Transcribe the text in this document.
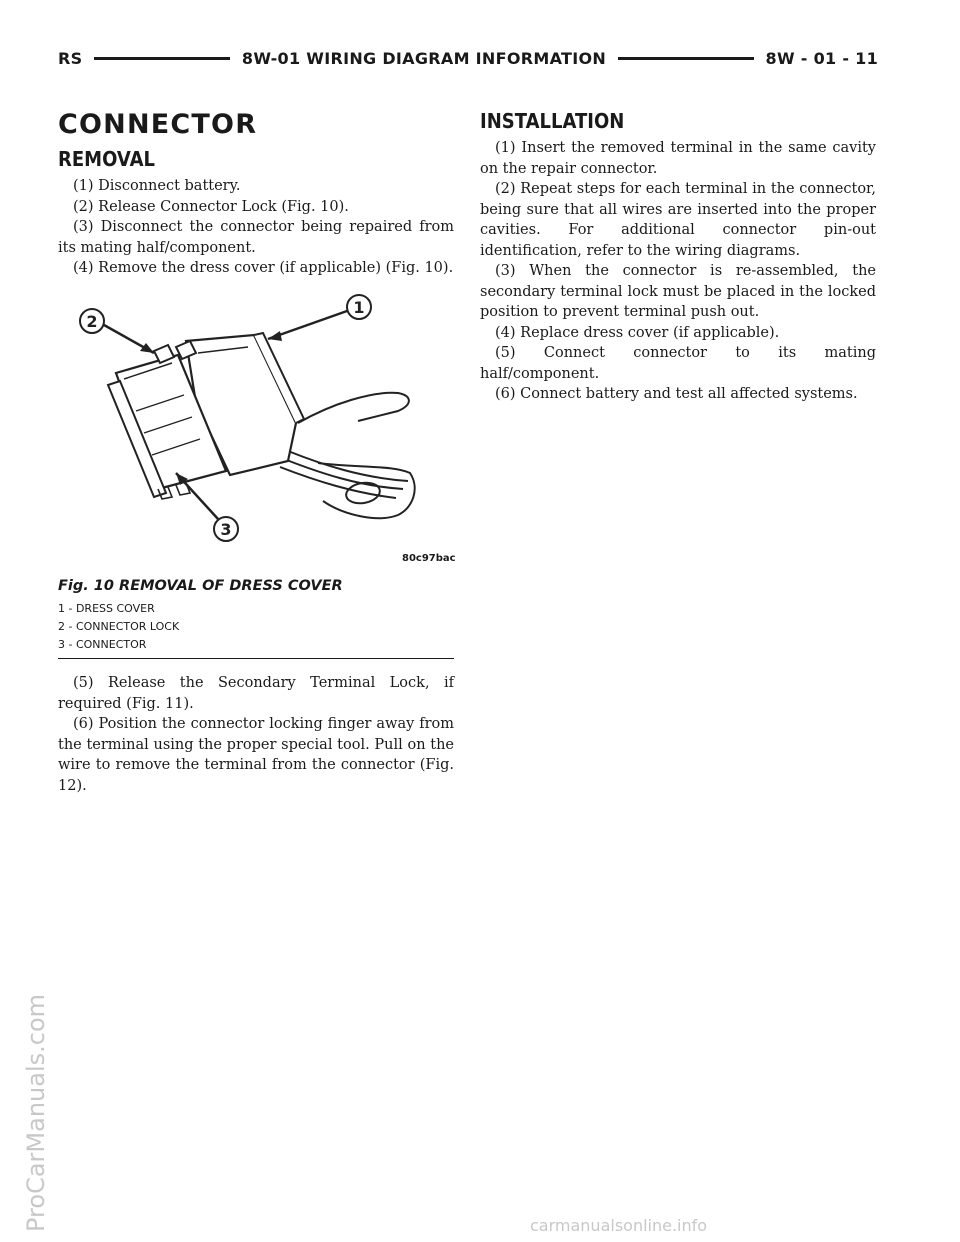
RS	8W-01 WIRING DIAGRAM INFORMATION	8W - 01 - 11
CONNECTOR
REMOVAL

(1) Disconnect battery.

(2) Release Connector Lock (Fig. 10).

(3) Disconnect the connector being repaired from its mating half/component.

(4) Remove the dress cover (if applicable) (Fig. 10).

1
2
3
80c97bac
Fig. 10 REMOVAL OF DRESS COVER
1 - DRESS COVER
2 - CONNECTOR LOCK
3 - CONNECTOR

(5) Release the Secondary Terminal Lock, if required (Fig. 11).

(6) Position the connector locking finger away from the terminal using the proper special tool. Pull on the wire to remove the terminal from the connector (Fig. 12).

INSTALLATION

(1) Insert the removed terminal in the same cavity on the repair connector.

(2) Repeat steps for each terminal in the connector, being sure that all wires are inserted into the proper cavities. For additional connector pin-out identification, refer to the wiring diagrams.

(3) When the connector is re-assembled, the secondary terminal lock must be placed in the locked position to prevent terminal push out.

(4) Replace dress cover (if applicable).

(5) Connect connector to its mating half/component.

(6) Connect battery and test all affected systems.

ProCarManuals.com	carmanualsonline.info
